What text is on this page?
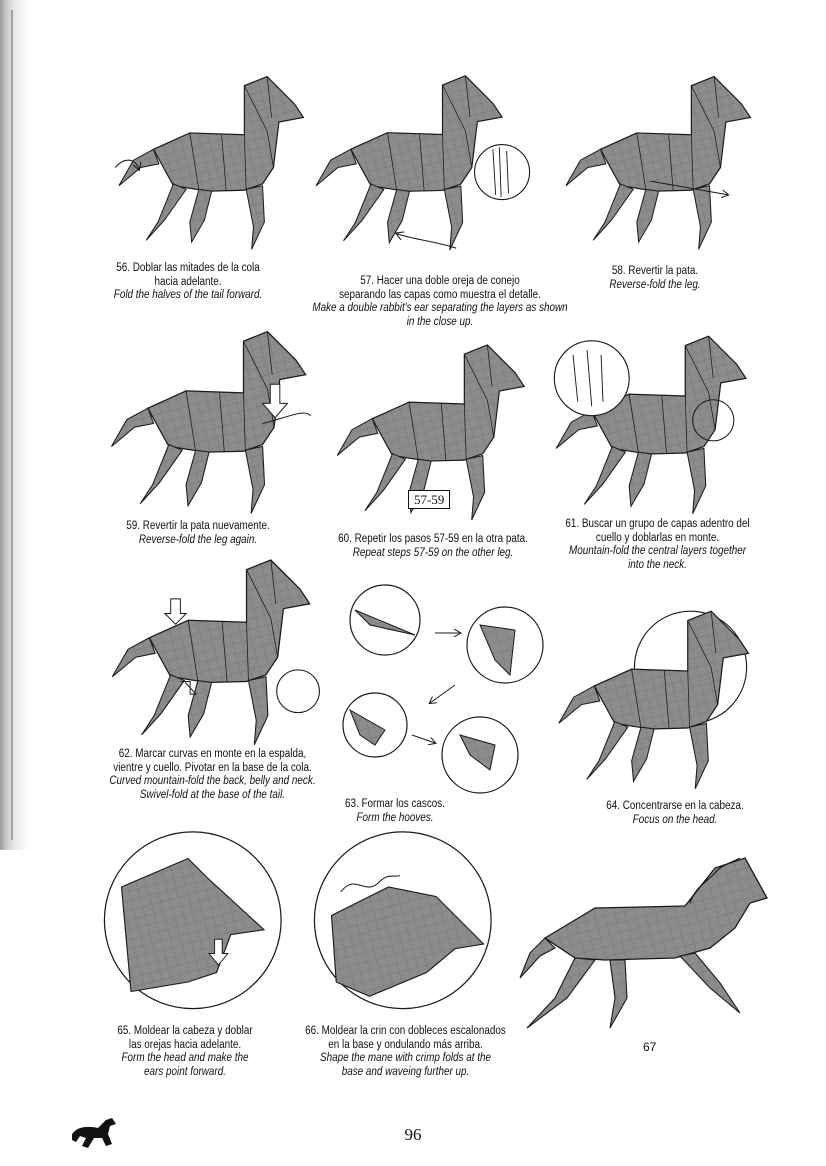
56. Doblar las mitades de la cola
hacia adelante.
Fold the halves of the tail forward.
57. Hacer una doble oreja de conejo
separando las capas como muestra el detalle.
Make a double rabbit's ear separating the layers as shown
in the close up.
58. Revertir la pata.
Reverse-fold the leg.
57-59
59. Revertir la pata nuevamente.
Reverse-fold the leg again.	60. Repetir los pasos 57-59 en la otra pata.
Repeat steps 57-59 on the other leg.
61. Buscar un grupo de capas adentro del
cuello y doblarlas en monte.
Mountain-fold the central layers together
into the neck.
62. Marcar curvas en monte en la espalda,
vientre y cuello. Pivotar en la base de la cola.
Curved mountain-fold the back, belly and neck.
Swivel-fold at the base of the tail.
63. Formar los cascos.
Form the hooves.
64. Concentrarse en la cabeza.
Focus on the head.
65. Moldear la cabeza y doblar
las orejas hacia adelante.
Form the head and make the
ears point forward.
66. Moldear la crin con dobleces escalonados
en la base y ondulando más arriba.
Shape the mane with crimp folds at the
base and waveing further up.
67
96
